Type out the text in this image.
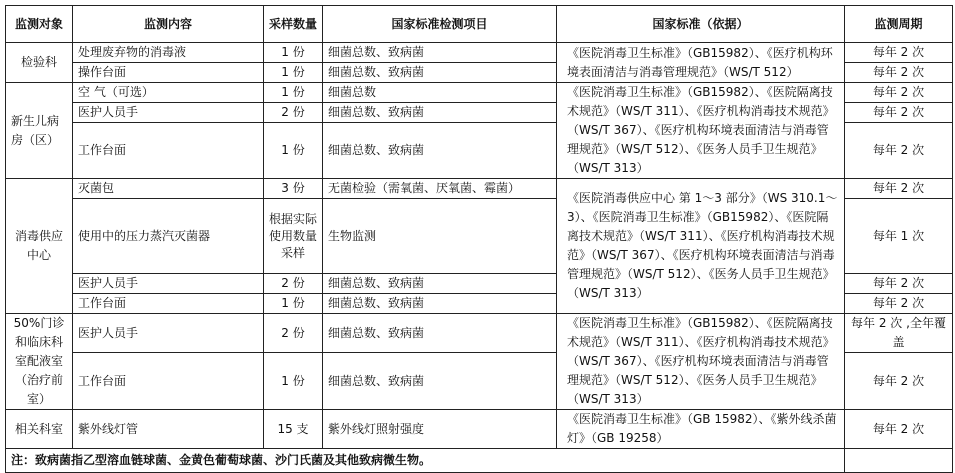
监测对象	监测内容	采样数量	国家标准检测项目	国家标准（依据）	监测周期
检验科	处理废弃物的消毒液	1 份	细菌总数、致病菌	《医院消毒卫生标准》（GB15982）、《医疗机构环境表面清洁与消毒管理规范》（WS/T 512）	每年 2 次
	操作台面	1 份	细菌总数、致病菌		每年 2 次
新生儿病房（区）	空 气（可选）	1 份	细菌总数	《医院消毒卫生标准》（GB15982）、《医院隔离技术规范》（WS/T 311）、《医疗机构消毒技术规范》（WS/T 367）、《医疗机构环境表面清洁与消毒管理规范》（WS/T 512）、《医务人员手卫生规范》（WS/T 313）	每年 2 次
	医护人员手	2 份	细菌总数、致病菌		每年 2 次
	工作台面	1 份	细菌总数、致病菌		每年 2 次
消毒供应中心	灭菌包	3 份	无菌检验（需氧菌、厌氧菌、霉菌）	《医院消毒供应中心 第 1～3 部分》（WS 310.1～3）、《医院消毒卫生标准》（GB15982）、《医院隔离技术规范》（WS/T 311）、《医疗机构消毒技术规范》（WS/T 367）、《医疗机构环境表面清洁与消毒管理规范》（WS/T 512）、《医务人员手卫生规范》（WS/T 313）	每年 2 次
	使用中的压力蒸汽灭菌器	根据实际使用数量采样	生物监测		每年 1 次
	医护人员手	2 份	细菌总数、致病菌		每年 2 次
	工作台面	1 份	细菌总数、致病菌		每年 2 次
50%门诊和临床科室配液室（治疗前室）	医护人员手	2 份	细菌总数、致病菌	《医院消毒卫生标准》（GB15982）、《医院隔离技术规范》（WS/T 311）、《医疗机构消毒技术规范》（WS/T 367）、《医疗机构环境表面清洁与消毒管理规范》（WS/T 512）、《医务人员手卫生规范》（WS/T 313）	每年 2 次 ,全年覆盖
	工作台面	1 份	细菌总数、致病菌		每年 2 次
相关科室	紫外线灯管	15 支	紫外线灯照射强度	《医院消毒卫生标准》（GB 15982）、《紫外线杀菌灯》（GB 19258）	每年 2 次
注：致病菌指乙型溶血链球菌、金黄色葡萄球菌、沙门氏菌及其他致病微生物。					
